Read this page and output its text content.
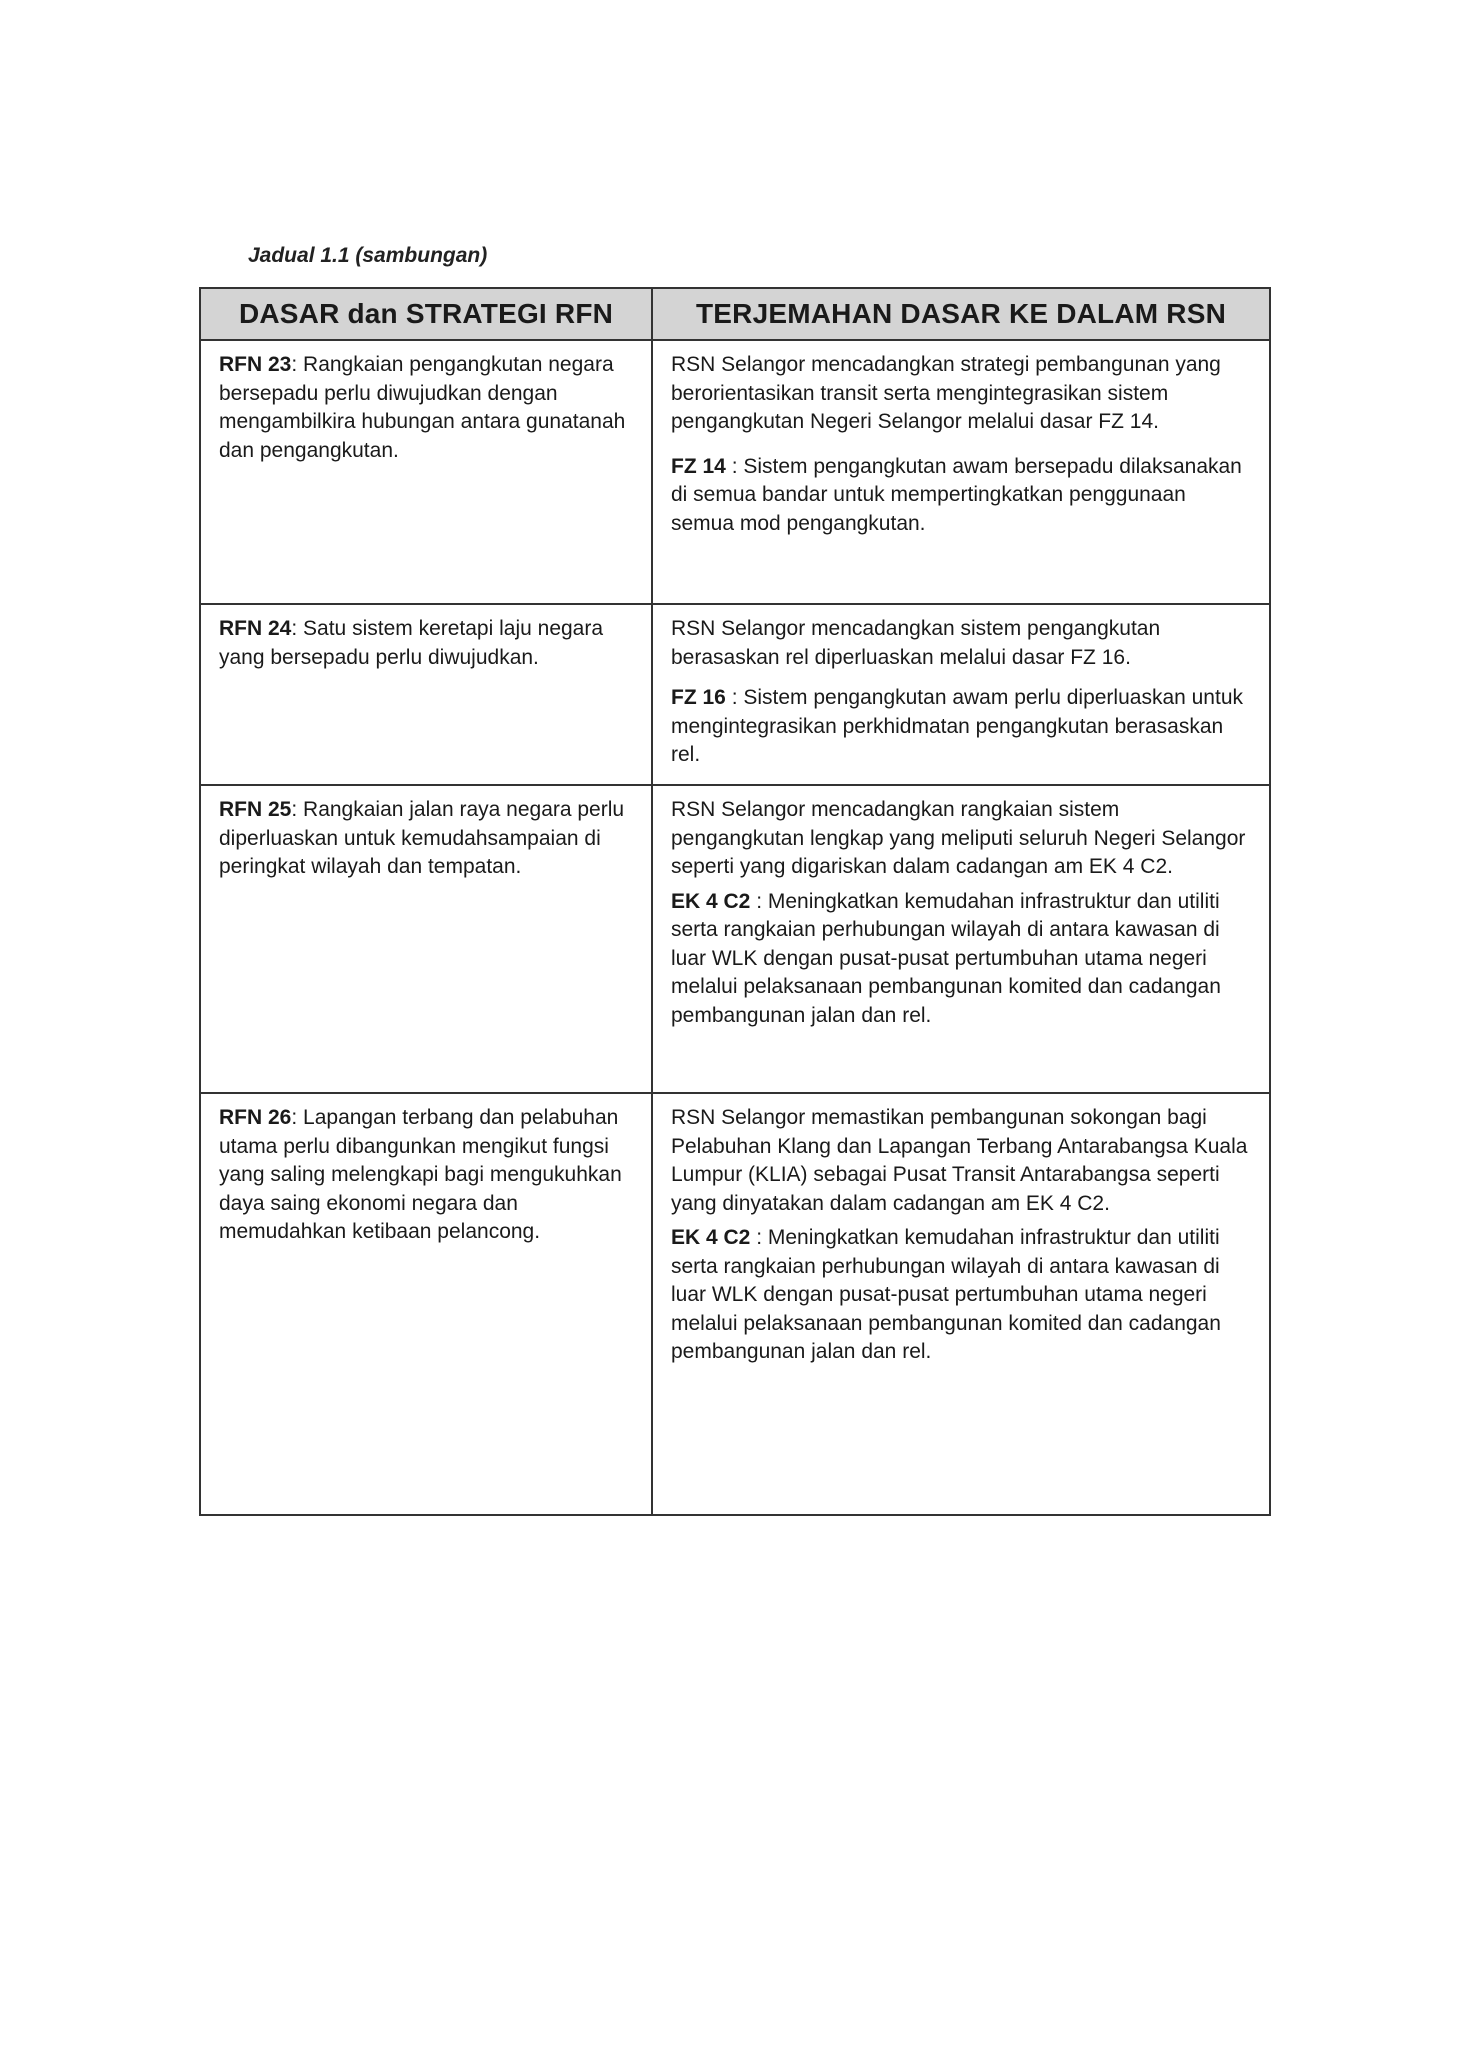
Jadual 1.1 (sambungan)
DASAR dan STRATEGI RFN	TERJEMAHAN DASAR KE DALAM RSN

RFN 23: Rangkaian pengangkutan negara bersepadu perlu diwujudkan dengan mengambilkira hubungan antara gunatanah dan pengangkutan.	RSN Selangor mencadangkan strategi pembangunan yang berorientasikan transit serta mengintegrasikan sistem pengangkutan Negeri Selangor melalui dasar FZ 14.

FZ 14 : Sistem pengangkutan awam bersepadu dilaksanakan di semua bandar untuk mempertingkatkan penggunaan semua mod pengangkutan.

RFN 24: Satu sistem keretapi laju negara yang bersepadu perlu diwujudkan.	RSN Selangor mencadangkan sistem pengangkutan berasaskan rel diperluaskan melalui dasar FZ 16.

FZ 16 : Sistem pengangkutan awam perlu diperluaskan untuk mengintegrasikan perkhidmatan pengangkutan berasaskan rel.

RFN 25: Rangkaian jalan raya negara perlu diperluaskan untuk kemudahsampaian di peringkat wilayah dan tempatan.	RSN Selangor mencadangkan rangkaian sistem pengangkutan lengkap yang meliputi seluruh Negeri Selangor seperti yang digariskan dalam cadangan am EK 4 C2.

EK 4 C2 : Meningkatkan kemudahan infrastruktur dan utiliti serta rangkaian perhubungan wilayah di antara kawasan di luar WLK dengan pusat-pusat pertumbuhan utama negeri melalui pelaksanaan pembangunan komited dan cadangan pembangunan jalan dan rel.

RFN 26: Lapangan terbang dan pelabuhan utama perlu dibangunkan mengikut fungsi yang saling melengkapi bagi mengukuhkan daya saing ekonomi negara dan memudahkan ketibaan pelancong.	RSN Selangor memastikan pembangunan sokongan bagi Pelabuhan Klang dan Lapangan Terbang Antarabangsa Kuala Lumpur (KLIA) sebagai Pusat Transit Antarabangsa seperti yang dinyatakan dalam cadangan am EK 4 C2.

EK 4 C2 : Meningkatkan kemudahan infrastruktur dan utiliti serta rangkaian perhubungan wilayah di antara kawasan di luar WLK dengan pusat-pusat pertumbuhan utama negeri melalui pelaksanaan pembangunan komited dan cadangan pembangunan jalan dan rel.
